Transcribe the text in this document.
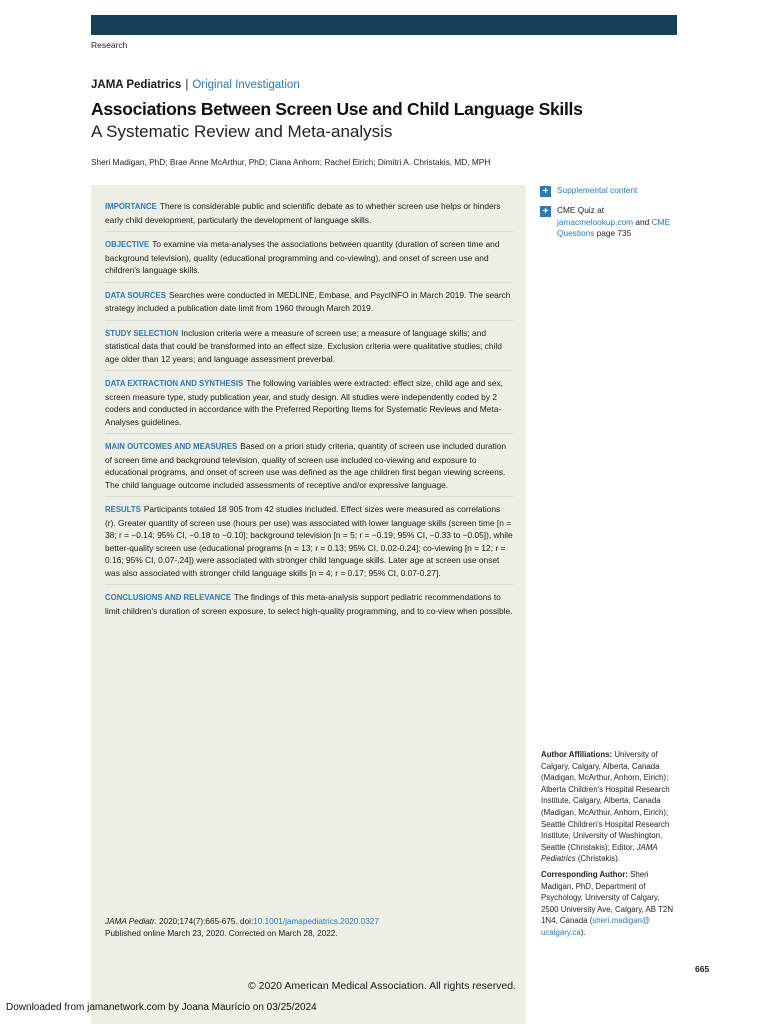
Research
JAMA Pediatrics | Original Investigation
Associations Between Screen Use and Child Language Skills
A Systematic Review and Meta-analysis
Sheri Madigan, PhD; Brae Anne McArthur, PhD; Ciana Anhorn; Rachel Eirich; Dimitri A. Christakis, MD, MPH
IMPORTANCE There is considerable public and scientific debate as to whether screen use helps or hinders early child development, particularly the development of language skills.
OBJECTIVE To examine via meta-analyses the associations between quantity (duration of screen time and background television), quality (educational programming and co-viewing), and onset of screen use and children's language skills.
DATA SOURCES Searches were conducted in MEDLINE, Embase, and PsycINFO in March 2019. The search strategy included a publication date limit from 1960 through March 2019.
STUDY SELECTION Inclusion criteria were a measure of screen use; a measure of language skills; and statistical data that could be transformed into an effect size. Exclusion criteria were qualitative studies; child age older than 12 years; and language assessment preverbal.
DATA EXTRACTION AND SYNTHESIS The following variables were extracted: effect size, child age and sex, screen measure type, study publication year, and study design. All studies were independently coded by 2 coders and conducted in accordance with the Preferred Reporting Items for Systematic Reviews and Meta-Analyses guidelines.
MAIN OUTCOMES AND MEASURES Based on a priori study criteria, quantity of screen use included duration of screen time and background television, quality of screen use included co-viewing and exposure to educational programs, and onset of screen use was defined as the age children first began viewing screens. The child language outcome included assessments of receptive and/or expressive language.
RESULTS Participants totaled 18 905 from 42 studies included. Effect sizes were measured as correlations (r). Greater quantity of screen use (hours per use) was associated with lower language skills (screen time [n = 38; r = −0.14; 95% CI, −0.18 to −0.10]; background television [n = 5; r = −0.19; 95% CI, −0.33 to −0.05]), while better-quality screen use (educational programs [n = 13; r = 0.13; 95% CI, 0.02-0.24]; co-viewing [n = 12; r = 0.16; 95% CI, 0.07-.24]) were associated with stronger child language skills. Later age at screen use onset was also associated with stronger child language skills [n = 4; r = 0.17; 95% CI, 0.07-0.27].
CONCLUSIONS AND RELEVANCE The findings of this meta-analysis support pediatric recommendations to limit children's duration of screen exposure, to select high-quality programming, and to co-view when possible.
JAMA Pediatr. 2020;174(7):665-675. doi:10.1001/jamapediatrics.2020.0327
Published online March 23, 2020. Corrected on March 28, 2022.
+	Supplemental content
+	CME Quiz at
jamacmelookup.com and CME Questions page 735

Author Affiliations: University of Calgary, Calgary, Alberta, Canada (Madigan, McArthur, Anhorn, Eirich); Alberta Children's Hospital Research Institute, Calgary, Alberta, Canada (Madigan, McArthur, Anhorn, Eirich); Seattle Children's Hospital Research Institute, University of Washington, Seattle (Christakis); Editor, JAMA Pediatrics (Christakis).

Corresponding Author: Sheri Madigan, PhD, Department of Psychology, University of Calgary, 2500 University Ave, Calgary, AB T2N 1N4, Canada (sheri.madigan@ ucalgary.ca).

665
© 2020 American Medical Association. All rights reserved.
Downloaded from jamanetwork.com by Joana Maurício on 03/25/2024
